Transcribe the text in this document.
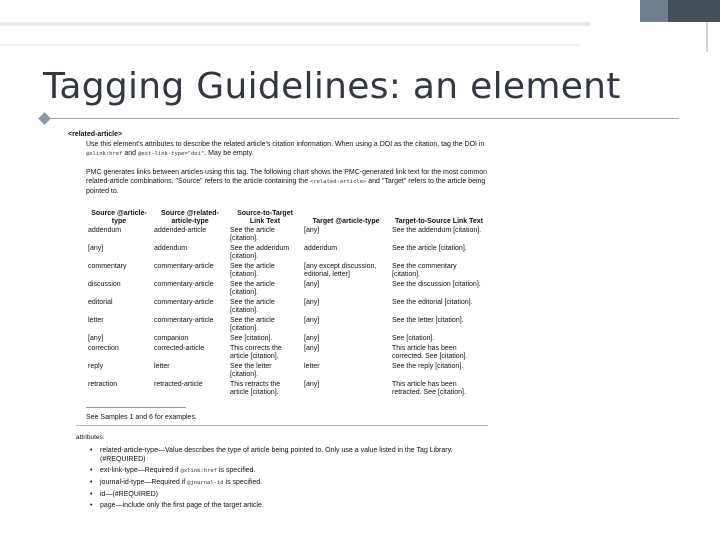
Tagging Guidelines: an element
<related-article>
Use this element's attributes to describe the related article's citation information. When using a DOI as the citation, tag the DOI in @xlink:href and @ext-link-type="doi". May be empty.
PMC generates links between articles using this tag. The following chart shows the PMC-generated link text for the most common related-article combinations. "Source" refers to the article containing the <related-article> and "Target" refers to the article being pointed to.
Source @article-type	Source @related-article-type	Source-to-Target Link Text	Target @article-type	Target-to-Source Link Text
addendum	addended-article	See the article [citation].	[any]	See the addendum [citation].
[any]	addendum	See the addendum [citation].	addendum	See the article [citation].
commentary	commentary-article	See the article [citation].	[any except discussion, editorial, letter]	See the commentary [citation].
discussion	commentary-article	See the article [citation].	[any]	See the discussion [citation].
editorial	commentary-article	See the article [citation].	[any]	See the editorial [citation].
letter	commentary-article	See the article [citation].	[any]	See the letter [citation].
[any]	companion	See [citation].	[any]	See [citation].
correction	corrected-article	This corrects the article [citation].	[any]	This article has been corrected. See [citation].
reply	letter	See the letter [citation].	letter	See the reply [citation].
retraction	retracted-article	This retracts the article [citation].	[any]	This article has been retracted. See [citation].
See Samples 1 and 6 for examples.
attributes:
• related-article-type—Value describes the type of article being pointed to. Only use a value listed in the Tag Library.(#REQUIRED)
• ext-link-type—Required if @xlink:href is specified.
• journal-id-type—Required if @journal-id is specified.
• id—(#REQUIRED)
• page—include only the first page of the target article.
